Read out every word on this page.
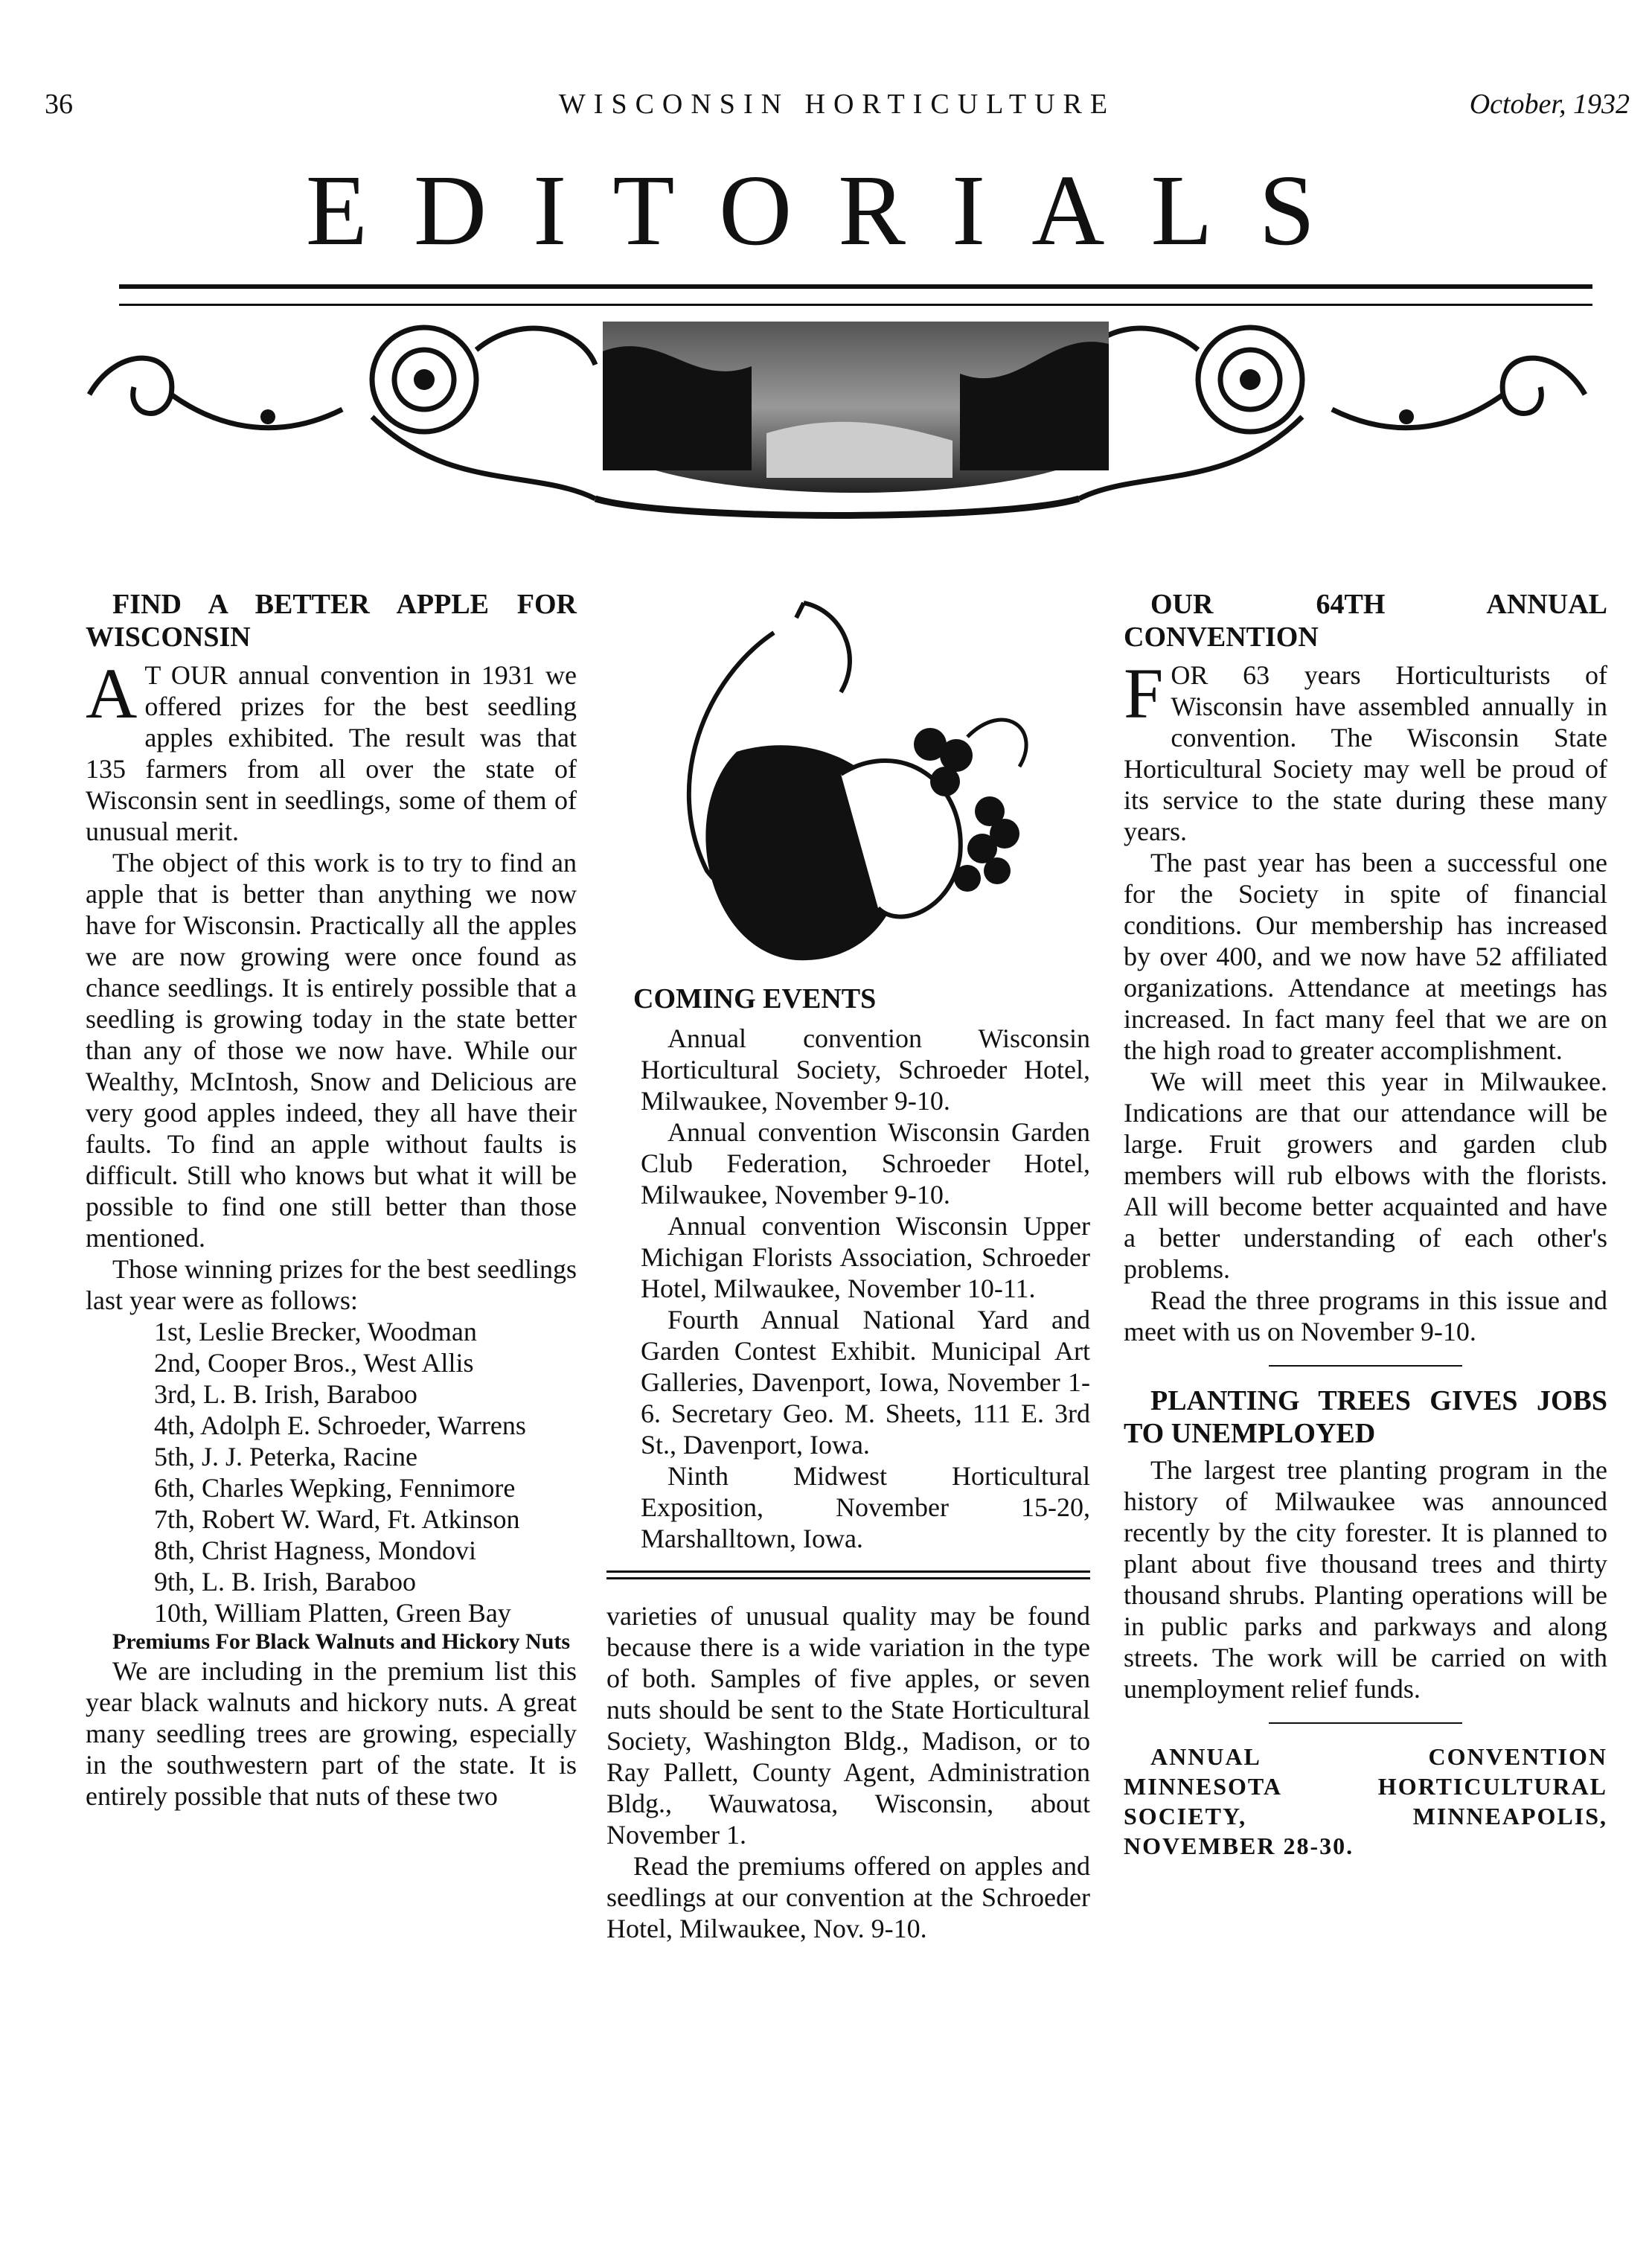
36	WISCONSIN HORTICULTURE	October, 1932
EDITORIALS

FIND A BETTER APPLE FOR WISCONSIN

A T OUR annual convention in 1931 we offered prizes for the best seedling apples exhibited. The result was that 135 farmers from all over the state of Wisconsin sent in seedlings, some of them of unusual merit.

The object of this work is to try to find an apple that is better than anything we now have for Wisconsin. Practically all the apples we are now growing were once found as chance seedlings. It is entirely possible that a seedling is growing today in the state better than any of those we now have. While our Wealthy, McIntosh, Snow and Delicious are very good apples indeed, they all have their faults. To find an apple without faults is difficult. Still who knows but what it will be possible to find one still better than those mentioned.

Those winning prizes for the best seedlings last year were as follows:

1st, Leslie Brecker, Woodman

2nd, Cooper Bros., West Allis

3rd, L. B. Irish, Baraboo

4th, Adolph E. Schroeder, Warrens

5th, J. J. Peterka, Racine

6th, Charles Wepking, Fennimore

7th, Robert W. Ward, Ft. Atkinson

8th, Christ Hagness, Mondovi

9th, L. B. Irish, Baraboo

10th, William Platten, Green Bay

Premiums For Black Walnuts and Hickory Nuts

We are including in the premium list this year black walnuts and hickory nuts. A great many seedling trees are growing, especially in the southwestern part of the state. It is entirely possible that nuts of these two

COMING EVENTS

Annual convention Wisconsin Horticultural Society, Schroeder Hotel, Milwaukee, November 9-10.

Annual convention Wisconsin Garden Club Federation, Schroeder Hotel, Milwaukee, November 9-10.

Annual convention Wisconsin Upper Michigan Florists Association, Schroeder Hotel, Milwaukee, November 10-11.

Fourth Annual National Yard and Garden Contest Exhibit. Municipal Art Galleries, Davenport, Iowa, November 1-6. Secretary Geo. M. Sheets, 111 E. 3rd St., Davenport, Iowa.

Ninth Midwest Horticultural Exposition, November 15-20, Marshalltown, Iowa.

varieties of unusual quality may be found because there is a wide variation in the type of both. Samples of five apples, or seven nuts should be sent to the State Horticultural Society, Washington Bldg., Madison, or to Ray Pallett, County Agent, Administration Bldg., Wauwatosa, Wisconsin, about November 1.

Read the premiums offered on apples and seedlings at our convention at the Schroeder Hotel, Milwaukee, Nov. 9-10.

OUR 64TH ANNUAL CONVENTION

FOR 63 years Horticulturists of Wisconsin have assembled annually in convention. The Wisconsin State Horticultural Society may well be proud of its service to the state during these many years.

The past year has been a successful one for the Society in spite of financial conditions. Our membership has increased by over 400, and we now have 52 affiliated organizations. Attendance at meetings has increased. In fact many feel that we are on the high road to greater accomplishment.

We will meet this year in Milwaukee. Indications are that our attendance will be large. Fruit growers and garden club members will rub elbows with the florists. All will become better acquainted and have a better understanding of each other's problems.

Read the three programs in this issue and meet with us on November 9-10.

PLANTING TREES GIVES JOBS TO UNEMPLOYED

The largest tree planting program in the history of Milwaukee was announced recently by the city forester. It is planned to plant about five thousand trees and thirty thousand shrubs. Planting operations will be in public parks and parkways and along streets. The work will be carried on with unemployment relief funds.

ANNUAL CONVENTION MINNESOTA HORTICULTURAL SOCIETY, MINNEAPOLIS, NOVEMBER 28-30.
